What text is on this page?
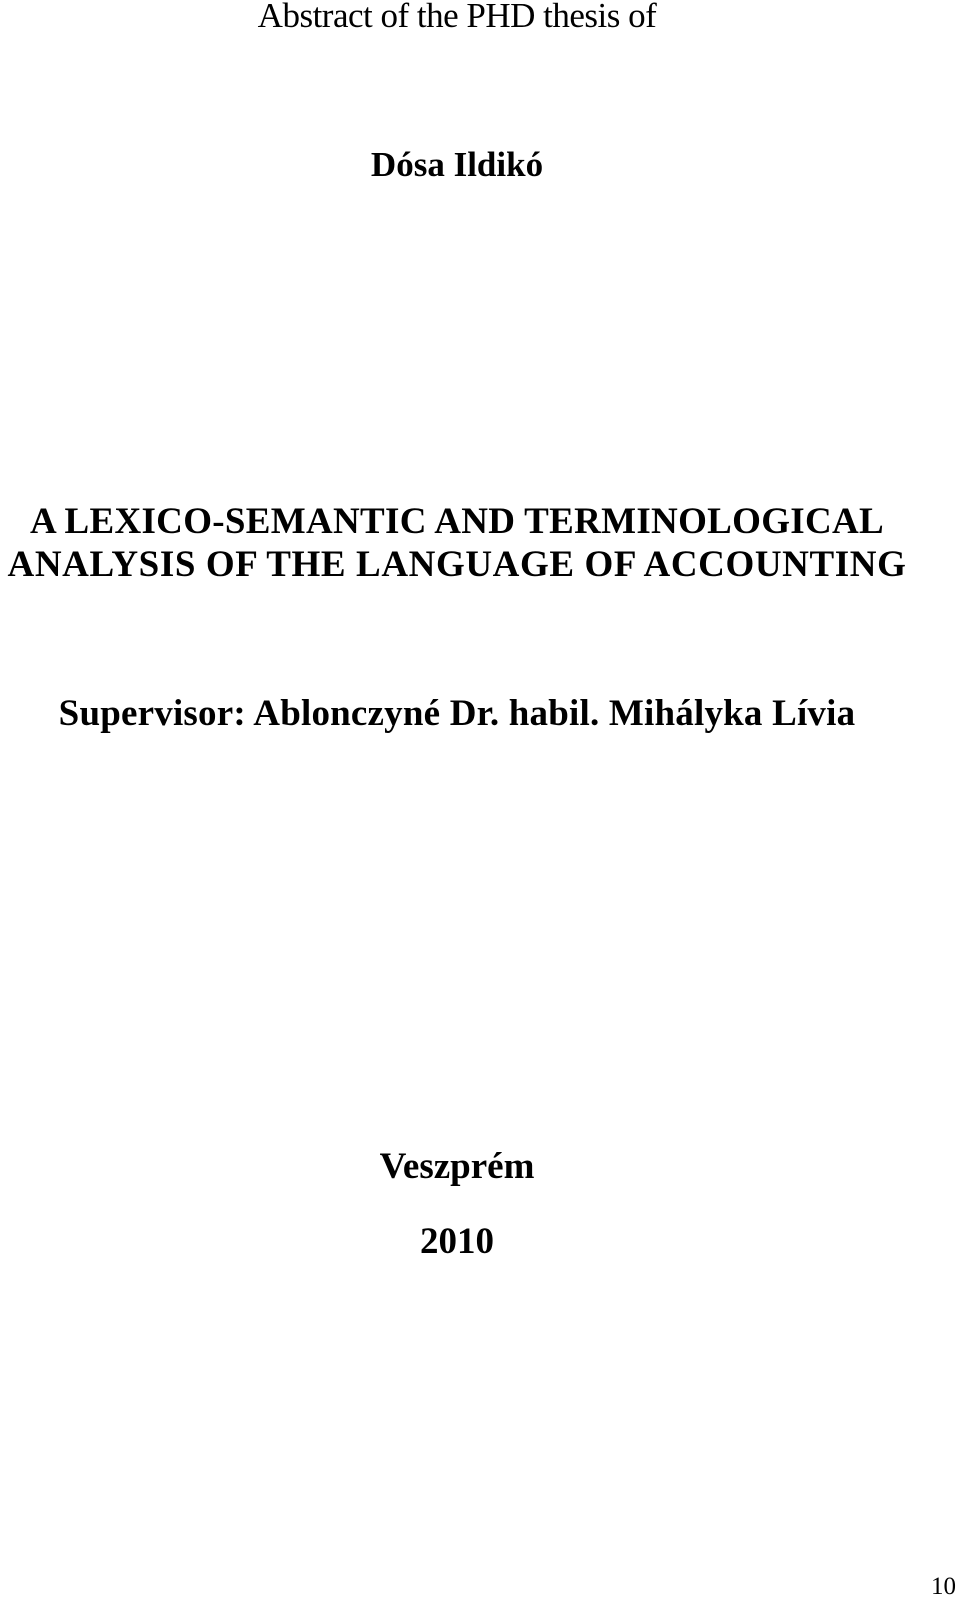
Abstract of the PHD thesis of

Dósa Ildikó

A LEXICO-SEMANTIC AND TERMINOLOGICAL

ANALYSIS OF THE LANGUAGE OF ACCOUNTING

Supervisor: Ablonczyné Dr. habil. Mihályka Lívia

Veszprém

2010

10
